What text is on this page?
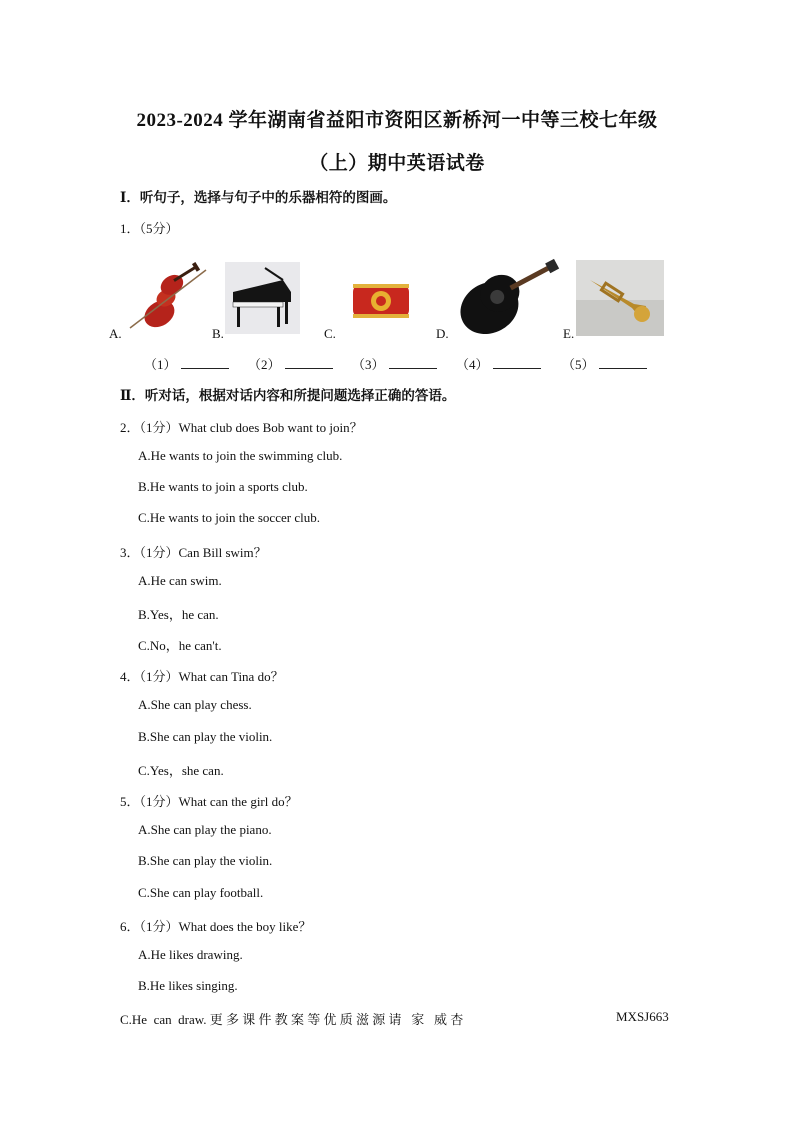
2023-2024 学年湖南省益阳市资阳区新桥河一中等三校七年级
（上）期中英语试卷
Ⅰ．听句子，选择与句子中的乐器相符的图画。
1．（5分）
A.	B.	C.	D.	E.
（1）	（2）	（3）	（4）	（5）
Ⅱ．听对话，根据对话内容和所提问题选择正确的答语。
2．（1分）What club does Bob want to join？
A.He wants to join the swimming club.
B.He wants to join a sports club.
C.He wants to join the soccer club.
3．（1分）Can Bill swim？
A.He can swim.
B.Yes，he can.
C.No，he can't.
4．（1分）What can Tina do？
A.She can play chess.
B.She can play the violin.
C.Yes，she can.
5．（1分）What can the girl do？
A.She can play the piano.
B.She can play the violin.
C.She can play football.
6．（1分）What does the boy like？
A.He likes drawing.
B.He likes singing.
C.He  can  draw. 更 多 课 件 教 案 等 优 质 滋 源 请   家   威 杏	MXSJ663
